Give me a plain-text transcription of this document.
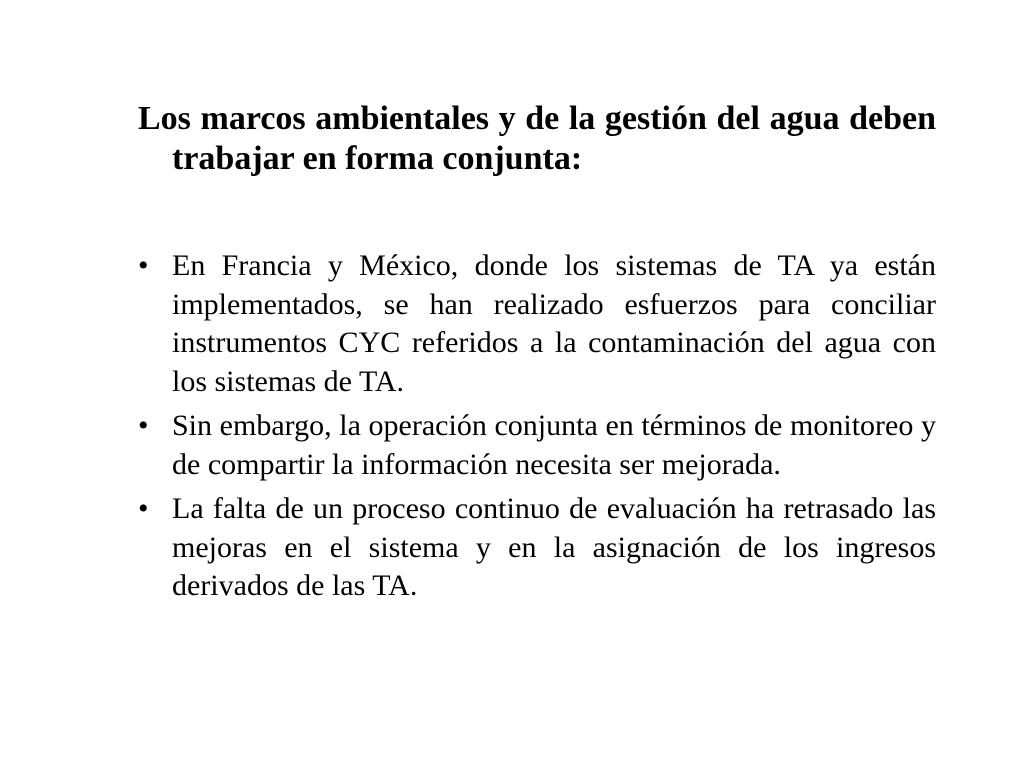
Los marcos ambientales y de la gestión del agua deben trabajar en forma conjunta:
• En Francia y México, donde los sistemas de TA ya están implementados, se han realizado esfuerzos para conciliar instrumentos CYC referidos a la contaminación del agua con los sistemas de TA.
• Sin embargo, la operación conjunta en términos de monitoreo y de compartir la información necesita ser mejorada.
• La falta de un proceso continuo de evaluación ha retrasado las mejoras en el sistema y en la asignación de los ingresos derivados de las TA.
